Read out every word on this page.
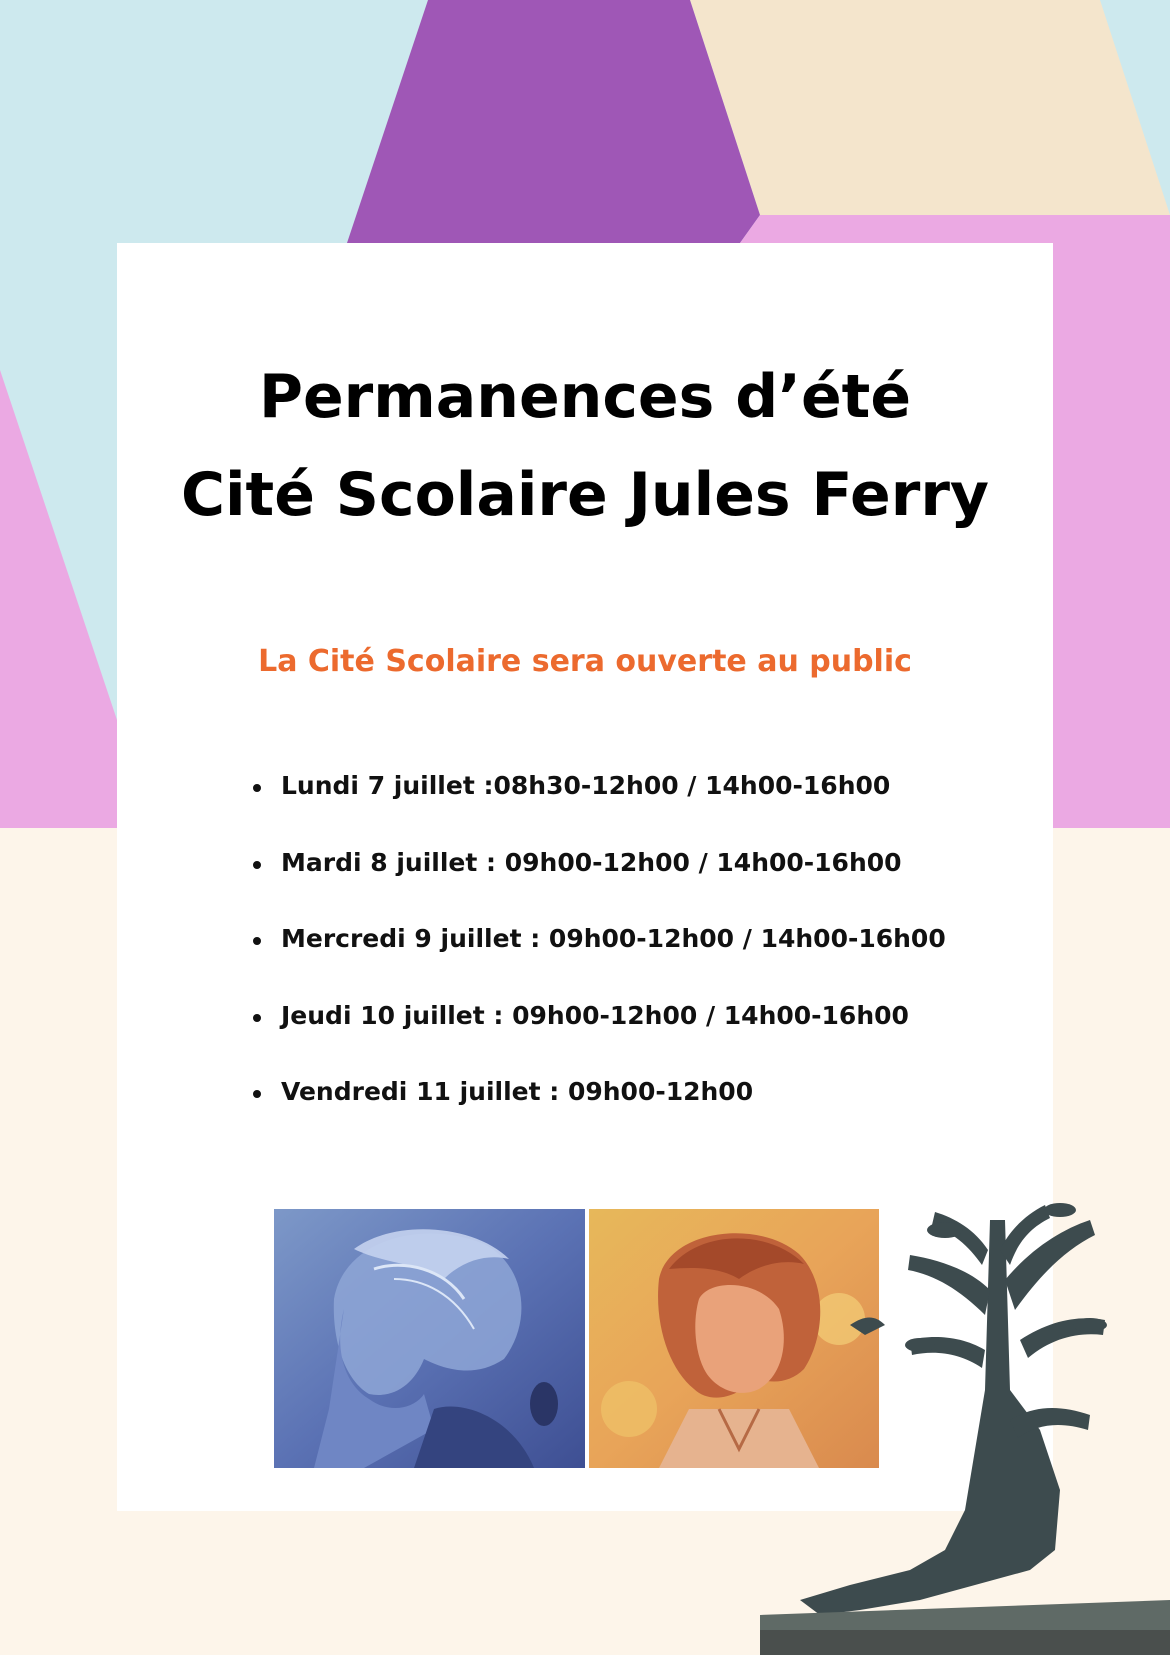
Permanences d’été
Cité Scolaire Jules Ferry
La Cité Scolaire sera ouverte au public
Lundi 7 juillet :08h30-12h00 / 14h00-16h00
Mardi 8 juillet : 09h00-12h00 / 14h00-16h00
Mercredi 9 juillet : 09h00-12h00 / 14h00-16h00
Jeudi 10 juillet : 09h00-12h00 / 14h00-16h00
Vendredi 11 juillet : 09h00-12h00
